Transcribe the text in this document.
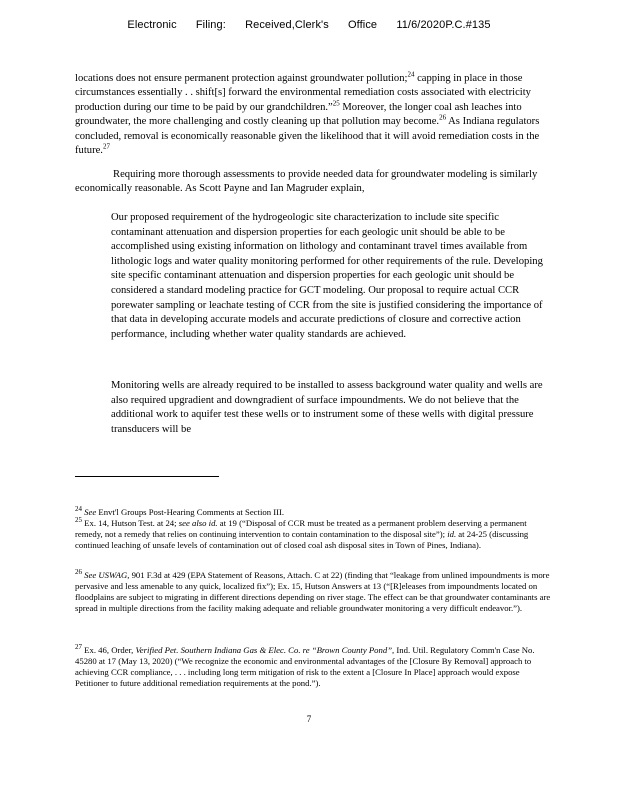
Electronic Filing: Received,Clerk's Office 11/6/2020P.C.#135
locations does not ensure permanent protection against groundwater pollution;$^{24}$ capping in place in those circumstances essentially . . shift[s] forward the environmental remediation costs associated with electricity production during our time to be paid by our grandchildren.”$^{25}$ Moreover, the longer coal ash leaches into groundwater, the more challenging and costly cleaning up that pollution may become.$^{26}$ As Indiana regulators concluded, removal is economically reasonable given the likelihood that it will avoid remediation costs in the future.$^{27}$
Requiring more thorough assessments to provide needed data for groundwater modeling is similarly economically reasonable. As Scott Payne and Ian Magruder explain,
Our proposed requirement of the hydrogeologic site characterization to include site specific contaminant attenuation and dispersion properties for each geologic unit should be able to be accomplished using existing information on lithology and contaminant travel times available from lithologic logs and water quality monitoring performed for other requirements of the rule. Developing site specific contaminant attenuation and dispersion properties for each geologic unit should be considered a standard modeling practice for GCT modeling. Our proposal to require actual CCR porewater sampling or leachate testing of CCR from the site is justified considering the importance of that data in developing accurate models and accurate predictions of closure and corrective action performance, including whether water quality standards are achieved.
Monitoring wells are already required to be installed to assess background water quality and wells are also required upgradient and downgradient of surface impoundments. We do not believe that the additional work to aquifer test these wells or to instrument some of these wells with digital pressure transducers will be
$^{24}$ See Envt'l Groups Post-Hearing Comments at Section III.
$^{25}$ Ex. 14, Hutson Test. at 24; see also id. at 19 (“Disposal of CCR must be treated as a permanent problem deserving a permanent remedy, not a remedy that relies on continuing intervention to contain contamination to the disposal site”); id. at 24-25 (discussing continued leaching of unsafe levels of contamination out of closed coal ash disposal sites in Town of Pines, Indiana).
$^{26}$ See USWAG, 901 F.3d at 429 (EPA Statement of Reasons, Attach. C at 22) (finding that “leakage from unlined impoundments is more pervasive and less amenable to any quick, localized fix”); Ex. 15, Hutson Answers at 13 (“[R]eleases from impoundments located on floodplains are subject to migrating in different directions depending on river stage. The effect can be that groundwater contaminants are spread in multiple directions from the facility making adequate and reliable groundwater monitoring a very difficult endeavor.”).
$^{27}$ Ex. 46, Order, Verified Pet. Southern Indiana Gas & Elec. Co. re “Brown County Pond”, Ind. Util. Regulatory Comm'n Case No. 45280 at 17 (May 13, 2020) (“We recognize the economic and environmental advantages of the [Closure By Removal] approach to achieving CCR compliance, . . . including long term mitigation of risk to the extent a [Closure In Place] approach would expose Petitioner to future additional remediation requirements at the pond.”).
7
